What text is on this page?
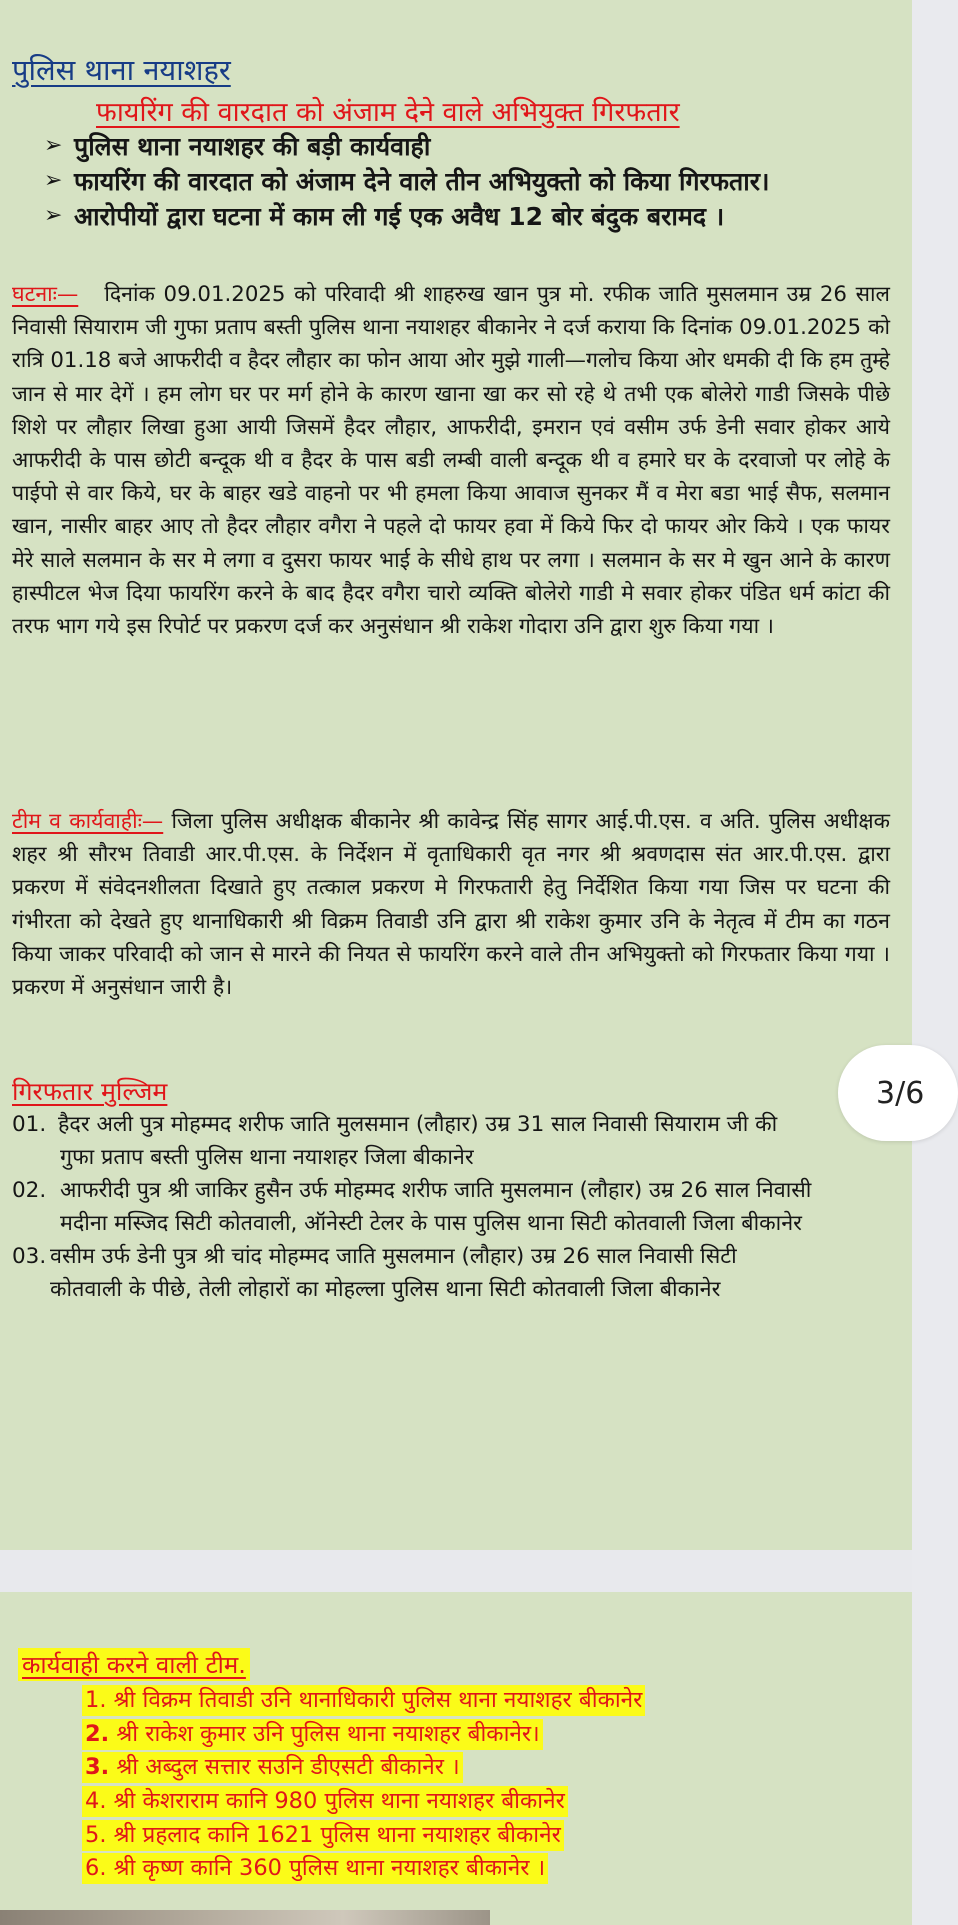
पुलिस थाना नयाशहर
फायरिंग की वारदात को अंजाम देने वाले अभियुक्त गिरफतार
➢ पुलिस थाना नयाशहर की बड़ी कार्यवाही
➢ फायरिंग की वारदात को अंजाम देने वाले तीन अभियुक्तो को किया गिरफतार।
➢ आरोपीयों द्वारा घटना में काम ली गई एक अवैध 12 बोर बंदुक बरामद ।
घटनाः— दिनांक 09.01.2025 को परिवादी श्री शाहरुख खान पुत्र मो. रफीक जाति मुसलमान उम्र 26 साल निवासी सियाराम जी गुफा प्रताप बस्ती पुलिस थाना नयाशहर बीकानेर ने दर्ज कराया कि दिनांक 09.01.2025 को रात्रि 01.18 बजे आफरीदी व हैदर लौहार का फोन आया ओर मुझे गाली—गलोच किया ओर धमकी दी कि हम तुम्हे जान से मार देगें । हम लोग घर पर मर्ग होने के कारण खाना खा कर सो रहे थे तभी एक बोलेरो गाडी जिसके पीछे शिशे पर लौहार लिखा हुआ आयी जिसमें हैदर लौहार, आफरीदी, इमरान एवं वसीम उर्फ डेनी सवार होकर आये आफरीदी के पास छोटी बन्दूक थी व हैदर के पास बडी लम्बी वाली बन्दूक थी व हमारे घर के दरवाजो पर लोहे के पाईपो से वार किये, घर के बाहर खडे वाहनो पर भी हमला किया आवाज सुनकर मैं व मेरा बडा भाई सैफ, सलमान खान, नासीर बाहर आए तो हैदर लौहार वगैरा ने पहले दो फायर हवा में किये फिर दो फायर ओर किये । एक फायर मेरे साले सलमान के सर मे लगा व दुसरा फायर भाई के सीधे हाथ पर लगा । सलमान के सर मे खुन आने के कारण हास्पीटल भेज दिया फायरिंग करने के बाद हैदर वगैरा चारो व्यक्ति बोलेरो गाडी मे सवार होकर पंडित धर्म कांटा की तरफ भाग गये इस रिपोर्ट पर प्रकरण दर्ज कर अनुसंधान श्री राकेश गोदारा उनि द्वारा शुरु किया गया ।
टीम व कार्यवाहीः— जिला पुलिस अधीक्षक बीकानेर श्री कावेन्द्र सिंह सागर आई.पी.एस. व अति. पुलिस अधीक्षक शहर श्री सौरभ तिवाडी आर.पी.एस. के निर्देशन में वृताधिकारी वृत नगर श्री श्रवणदास संत आर.पी.एस. द्वारा प्रकरण में संवेदनशीलता दिखाते हुए तत्काल प्रकरण मे गिरफतारी हेतु निर्देशित किया गया जिस पर घटना की गंभीरता को देखते हुए थानाधिकारी श्री विक्रम तिवाडी उनि द्वारा श्री राकेश कुमार उनि के नेतृत्व में टीम का गठन किया जाकर परिवादी को जान से मारने की नियत से फायरिंग करने वाले तीन अभियुक्तो को गिरफतार किया गया । प्रकरण में अनुसंधान जारी है।
गिरफतार मुल्जिम
01. हैदर अली पुत्र मोहम्मद शरीफ जाति मुलसमान (लौहार) उम्र 31 साल निवासी सियाराम जी की गुफा प्रताप बस्ती पुलिस थाना नयाशहर जिला बीकानेर
02. आफरीदी पुत्र श्री जाकिर हुसैन उर्फ मोहम्मद शरीफ जाति मुसलमान (लौहार) उम्र 26 साल निवासी मदीना मस्जिद सिटी कोतवाली, ऑनेस्टी टेलर के पास पुलिस थाना सिटी कोतवाली जिला बीकानेर
03. वसीम उर्फ डेनी पुत्र श्री चांद मोहम्मद जाति मुसलमान (लौहार) उम्र 26 साल निवासी सिटी कोतवाली के पीछे, तेली लोहारों का मोहल्ला पुलिस थाना सिटी कोतवाली जिला बीकानेर
3/6
कार्यवाही करने वाली टीम.
1. श्री विक्रम तिवाडी उनि थानाधिकारी पुलिस थाना नयाशहर बीकानेर
2. श्री राकेश कुमार उनि पुलिस थाना नयाशहर बीकानेर।
3. श्री अब्दुल सत्तार सउनि डीएसटी बीकानेर ।
4. श्री केशराराम कानि 980 पुलिस थाना नयाशहर बीकानेर
5. श्री प्रहलाद कानि 1621 पुलिस थाना नयाशहर बीकानेर
6. श्री कृष्ण कानि 360 पुलिस थाना नयाशहर बीकानेर ।
